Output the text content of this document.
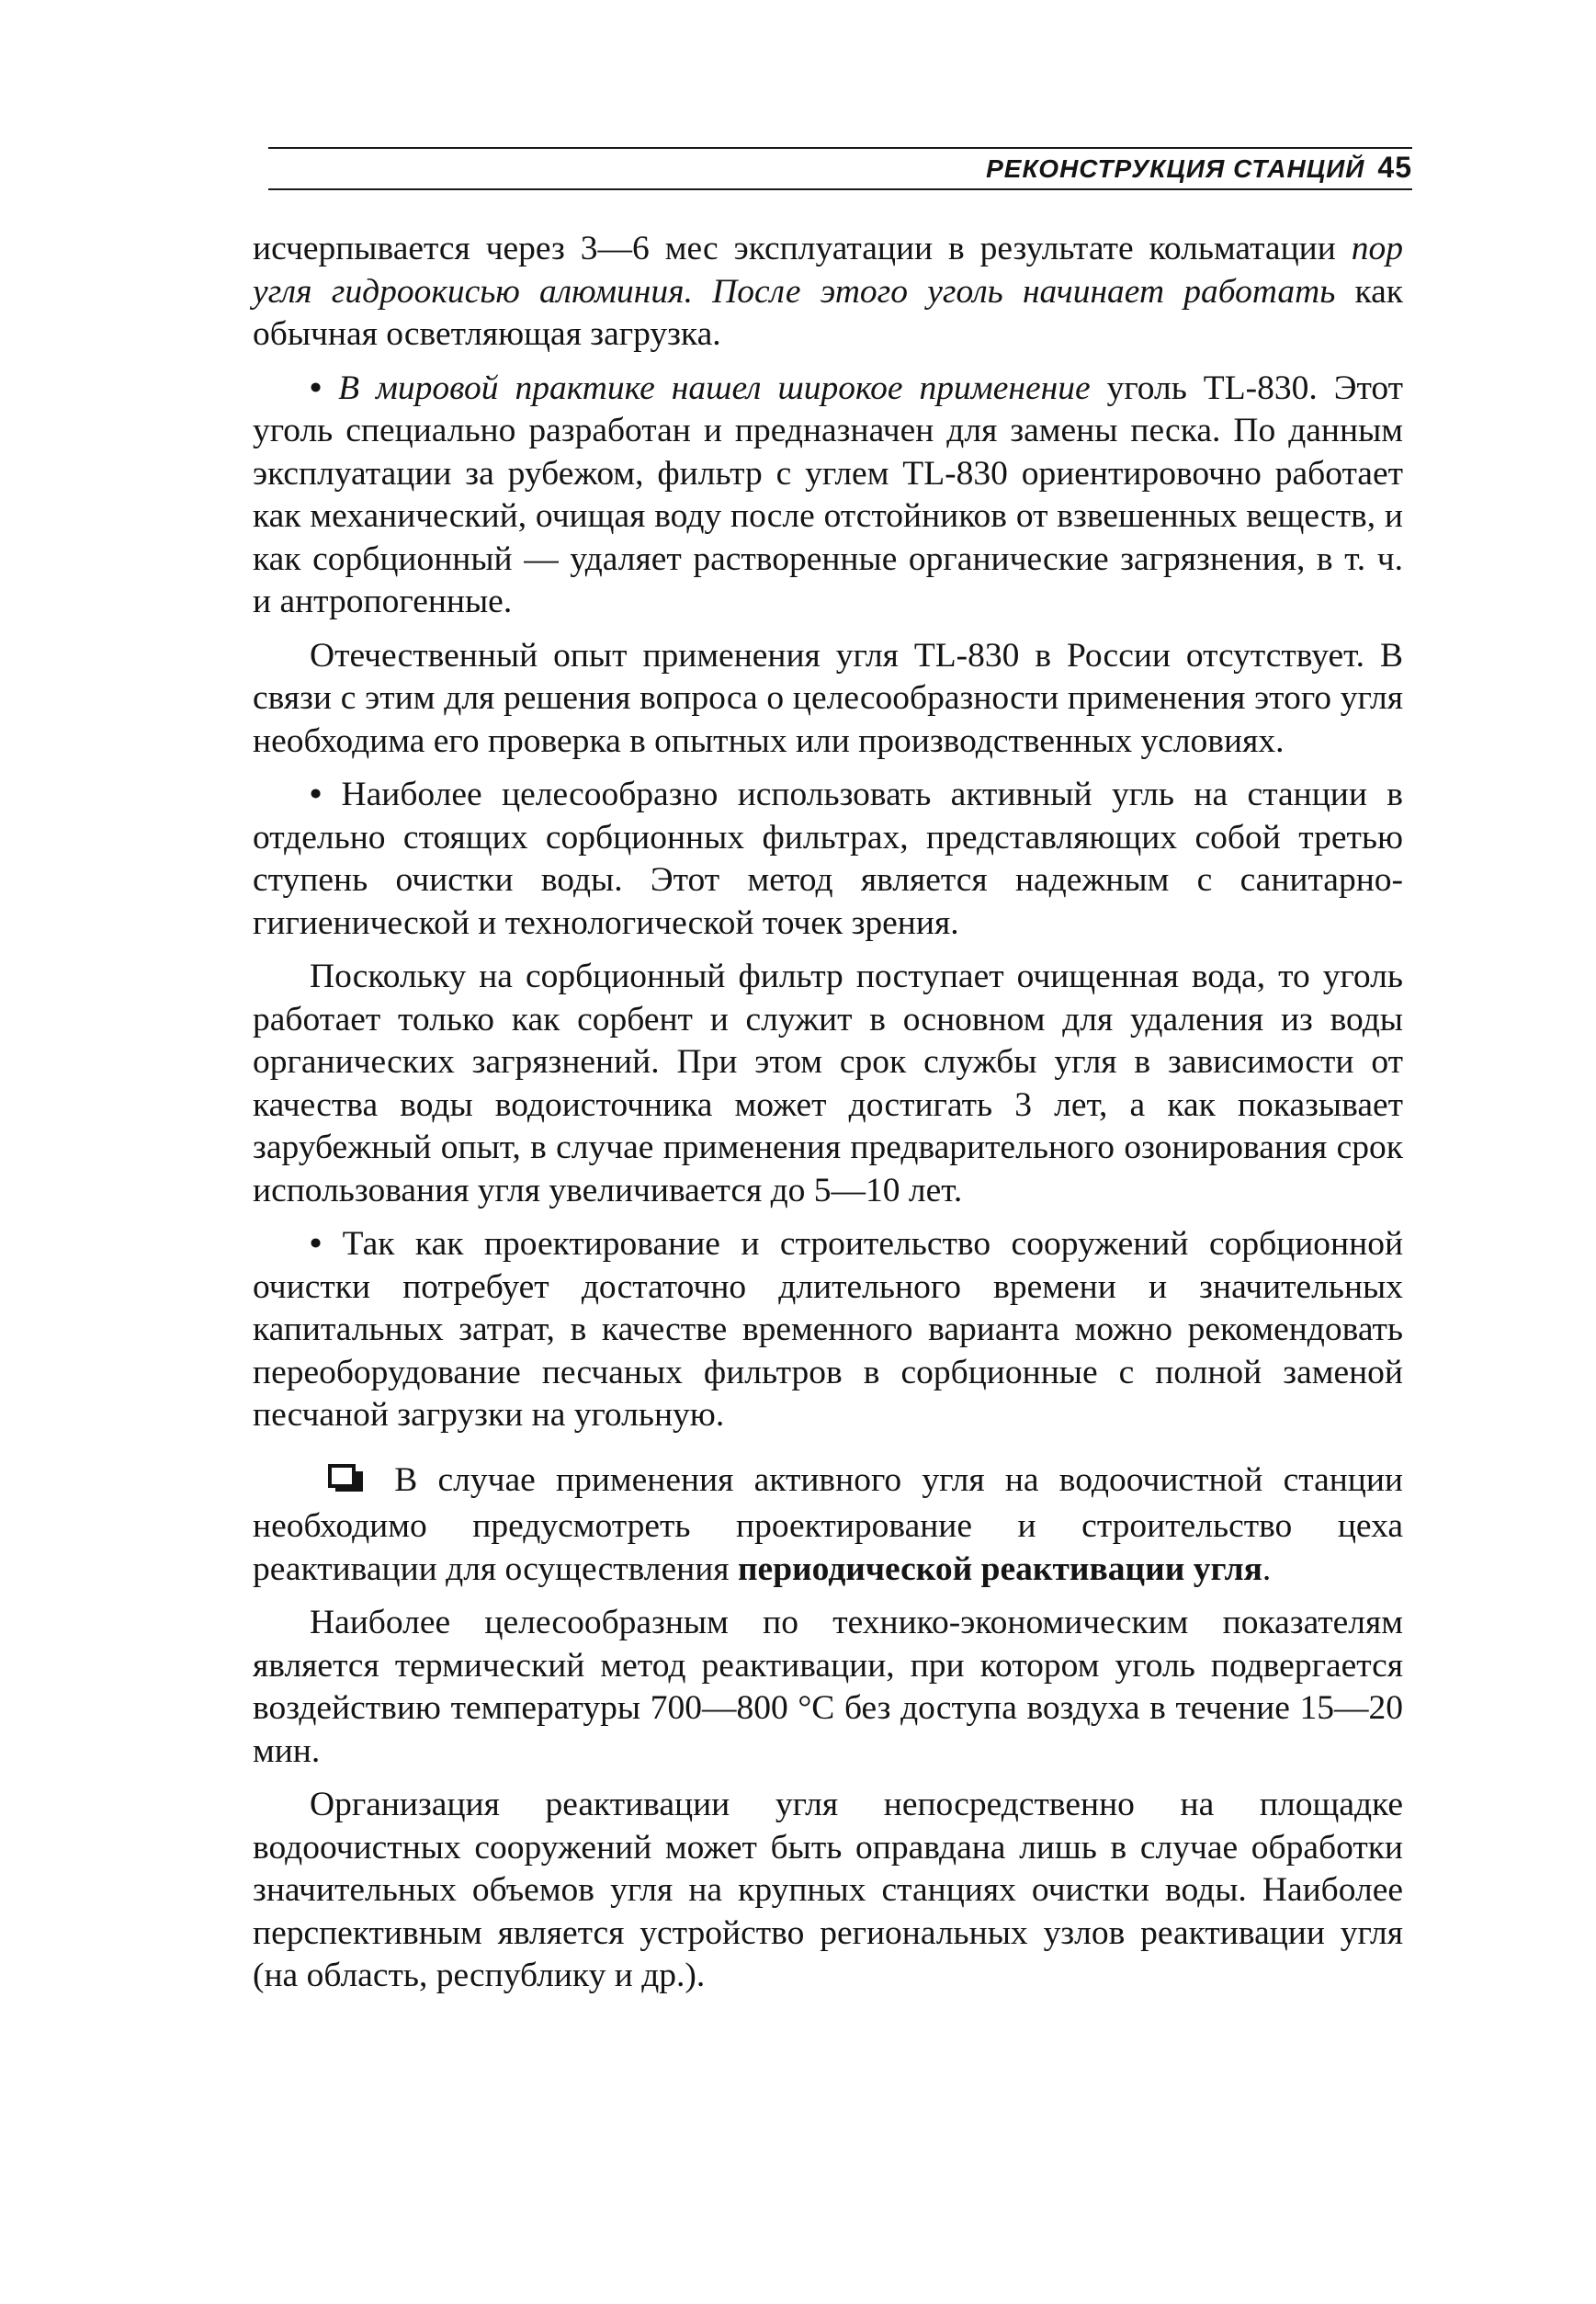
РЕКОНСТРУКЦИЯ СТАНЦИЙ 45

исчерпывается через 3—6 мес эксплуатации в результате кольматации пор угля гидроокисью алюминия. После этого уголь начинает работать как обычная осветляющая загрузка.

• В мировой практике нашел широкое применение уголь TL-830. Этот уголь специально разработан и предназначен для замены песка. По данным эксплуатации за рубежом, фильтр с углем TL-830 ориентировочно работает как механический, очищая воду после отстойников от взвешенных веществ, и как сорбционный — удаляет растворенные органические загрязнения, в т. ч. и антропогенные.

Отечественный опыт применения угля TL-830 в России отсутствует. В связи с этим для решения вопроса о целесообразности применения этого угля необходима его проверка в опытных или производственных условиях.

• Наиболее целесообразно использовать активный угль на станции в отдельно стоящих сорбционных фильтрах, представляющих собой третью ступень очистки воды. Этот метод является надежным с санитарно-гигиенической и технологической точек зрения.

Поскольку на сорбционный фильтр поступает очищенная вода, то уголь работает только как сорбент и служит в основном для удаления из воды органических загрязнений. При этом срок службы угля в зависимости от качества воды водоисточника может достигать 3 лет, а как показывает зарубежный опыт, в случае применения предварительного озонирования срок использования угля увеличивается до 5—10 лет.

• Так как проектирование и строительство сооружений сорбционной очистки потребует достаточно длительного времени и значительных капитальных затрат, в качестве временного варианта можно рекомендовать переоборудование песчаных фильтров в сорбционные с полной заменой песчаной загрузки на угольную.

В случае применения активного угля на водоочистной станции необходимо предусмотреть проектирование и строительство цеха реактивации для осуществления периодической реактивации угля.

Наиболее целесообразным по технико-экономическим показателям является термический метод реактивации, при котором уголь подвергается воздействию температуры 700—800 °С без доступа воздуха в течение 15—20 мин.

Организация реактивации угля непосредственно на площадке водоочистных сооружений может быть оправдана лишь в случае обработки значительных объемов угля на крупных станциях очистки воды. Наиболее перспективным является устройство региональных узлов реактивации угля (на область, республику и др.).
